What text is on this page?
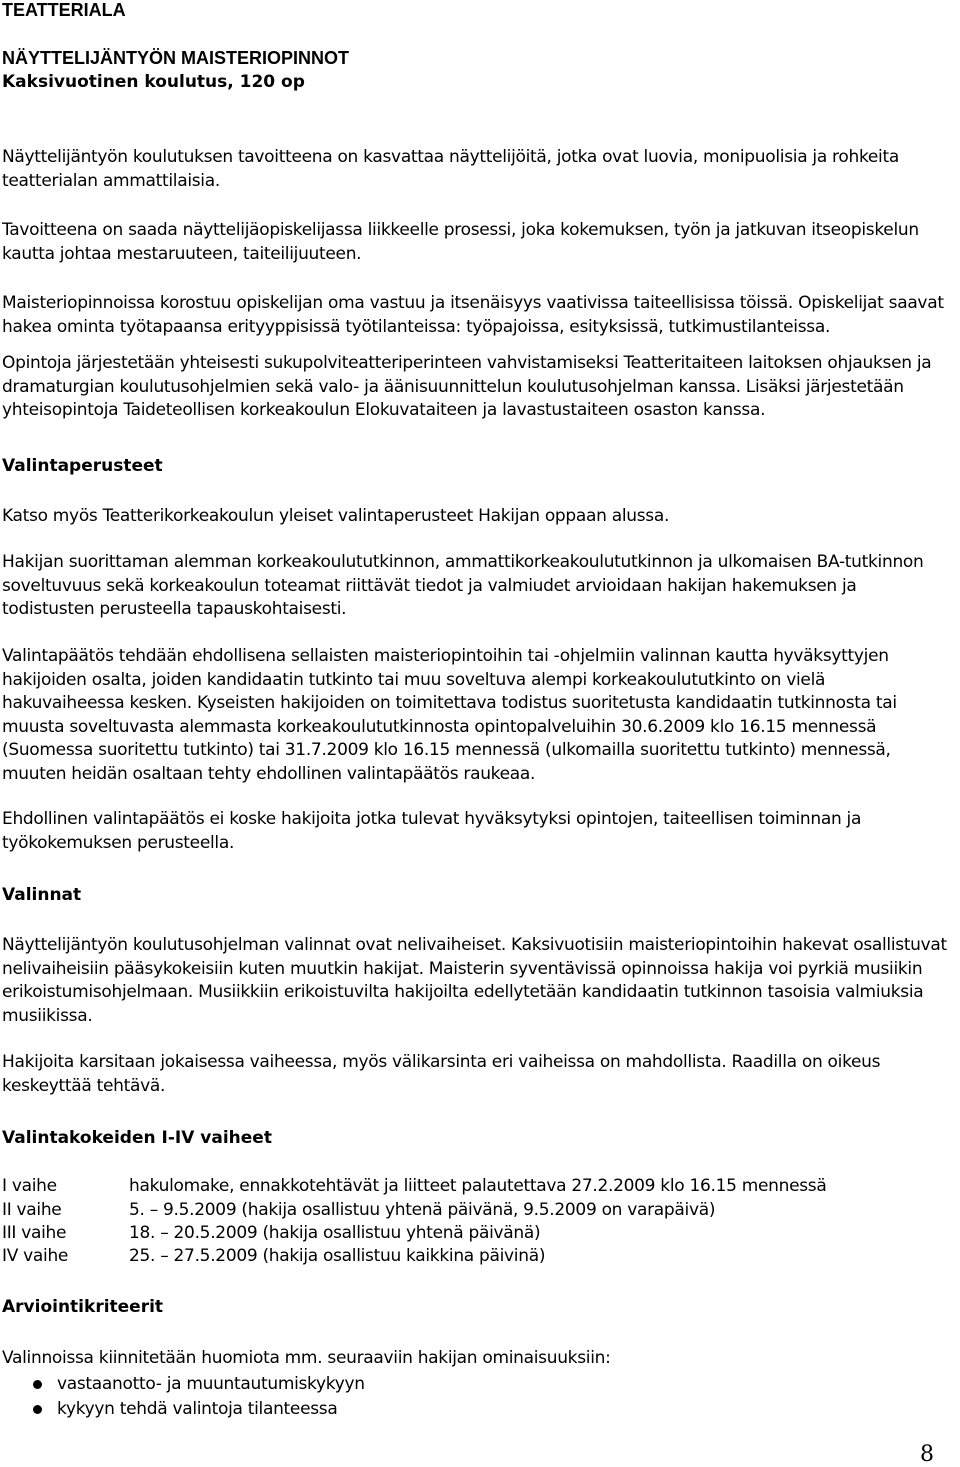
TEATTERIALA
NÄYTTELIJÄNTYÖN MAISTERIOPINNOT
Kaksivuotinen koulutus, 120 op

Näyttelijäntyön koulutuksen tavoitteena on kasvattaa näyttelijöitä, jotka ovat luovia, monipuolisia ja rohkeita teatterialan ammattilaisia.

Tavoitteena on saada näyttelijäopiskelijassa liikkeelle prosessi, joka kokemuksen, työn ja jatkuvan itseopiskelun kautta johtaa mestaruuteen, taiteilijuuteen.

Maisteriopinnoissa korostuu opiskelijan oma vastuu ja itsenäisyys vaativissa taiteellisissa töissä. Opiskelijat saavat hakea ominta työtapaansa erityyppisissä työtilanteissa: työpajoissa, esityksissä, tutkimustilanteissa.

Opintoja järjestetään yhteisesti sukupolviteatteriperinteen vahvistamiseksi Teatteritaiteen laitoksen ohjauksen ja dramaturgian koulutusohjelmien sekä valo- ja äänisuunnittelun koulutusohjelman kanssa. Lisäksi järjestetään yhteisopintoja Taideteollisen korkeakoulun Elokuvataiteen ja lavastustaiteen osaston kanssa.

Valintaperusteet

Katso myös Teatterikorkeakoulun yleiset valintaperusteet Hakijan oppaan alussa.

Hakijan suorittaman alemman korkeakoulututkinnon, ammattikorkeakoulututkinnon ja ulkomaisen BA-tutkinnon soveltuvuus sekä korkeakoulun toteamat riittävät tiedot ja valmiudet arvioidaan hakijan hakemuksen ja todistusten perusteella tapauskohtaisesti.

Valintapäätös tehdään ehdollisena sellaisten maisteriopintoihin tai -ohjelmiin valinnan kautta hyväksyttyjen hakijoiden osalta, joiden kandidaatin tutkinto tai muu soveltuva alempi korkeakoulututkinto on vielä hakuvaiheessa kesken. Kyseisten hakijoiden on toimitettava todistus suoritetusta kandidaatin tutkinnosta tai muusta soveltuvasta alemmasta korkeakoulututkinnosta opintopalveluihin 30.6.2009 klo 16.15 mennessä (Suomessa suoritettu tutkinto) tai 31.7.2009 klo 16.15 mennessä (ulkomailla suoritettu tutkinto) mennessä, muuten heidän osaltaan tehty ehdollinen valintapäätös raukeaa.

Ehdollinen valintapäätös ei koske hakijoita jotka tulevat hyväksytyksi opintojen, taiteellisen toiminnan ja työkokemuksen perusteella.

Valinnat

Näyttelijäntyön koulutusohjelman valinnat ovat nelivaiheiset. Kaksivuotisiin maisteriopintoihin hakevat osallistuvat nelivaiheisiin pääsykokeisiin kuten muutkin hakijat. Maisterin syventävissä opinnoissa hakija voi pyrkiä musiikin erikoistumisohjelmaan. Musiikkiin erikoistuvilta hakijoilta edellytetään kandidaatin tutkinnon tasoisia valmiuksia musiikissa.

Hakijoita karsitaan jokaisessa vaiheessa, myös välikarsinta eri vaiheissa on mahdollista. Raadilla on oikeus keskeyttää tehtävä.

Valintakokeiden I-IV vaiheet
I vaihe	hakulomake, ennakkotehtävät ja liitteet palautettava 27.2.2009 klo 16.15 mennessä
II vaihe	5. – 9.5.2009 (hakija osallistuu yhtenä päivänä, 9.5.2009 on varapäivä)
III vaihe	18. – 20.5.2009 (hakija osallistuu yhtenä päivänä)
IV vaihe	25. – 27.5.2009 (hakija osallistuu kaikkina päivinä)
Arviointikriteerit

Valinnoissa kiinnitetään huomiota mm. seuraaviin hakijan ominaisuuksiin:

vastaanotto- ja muuntautumiskykyyn
kykyyn tehdä valintoja tilanteessa
8
